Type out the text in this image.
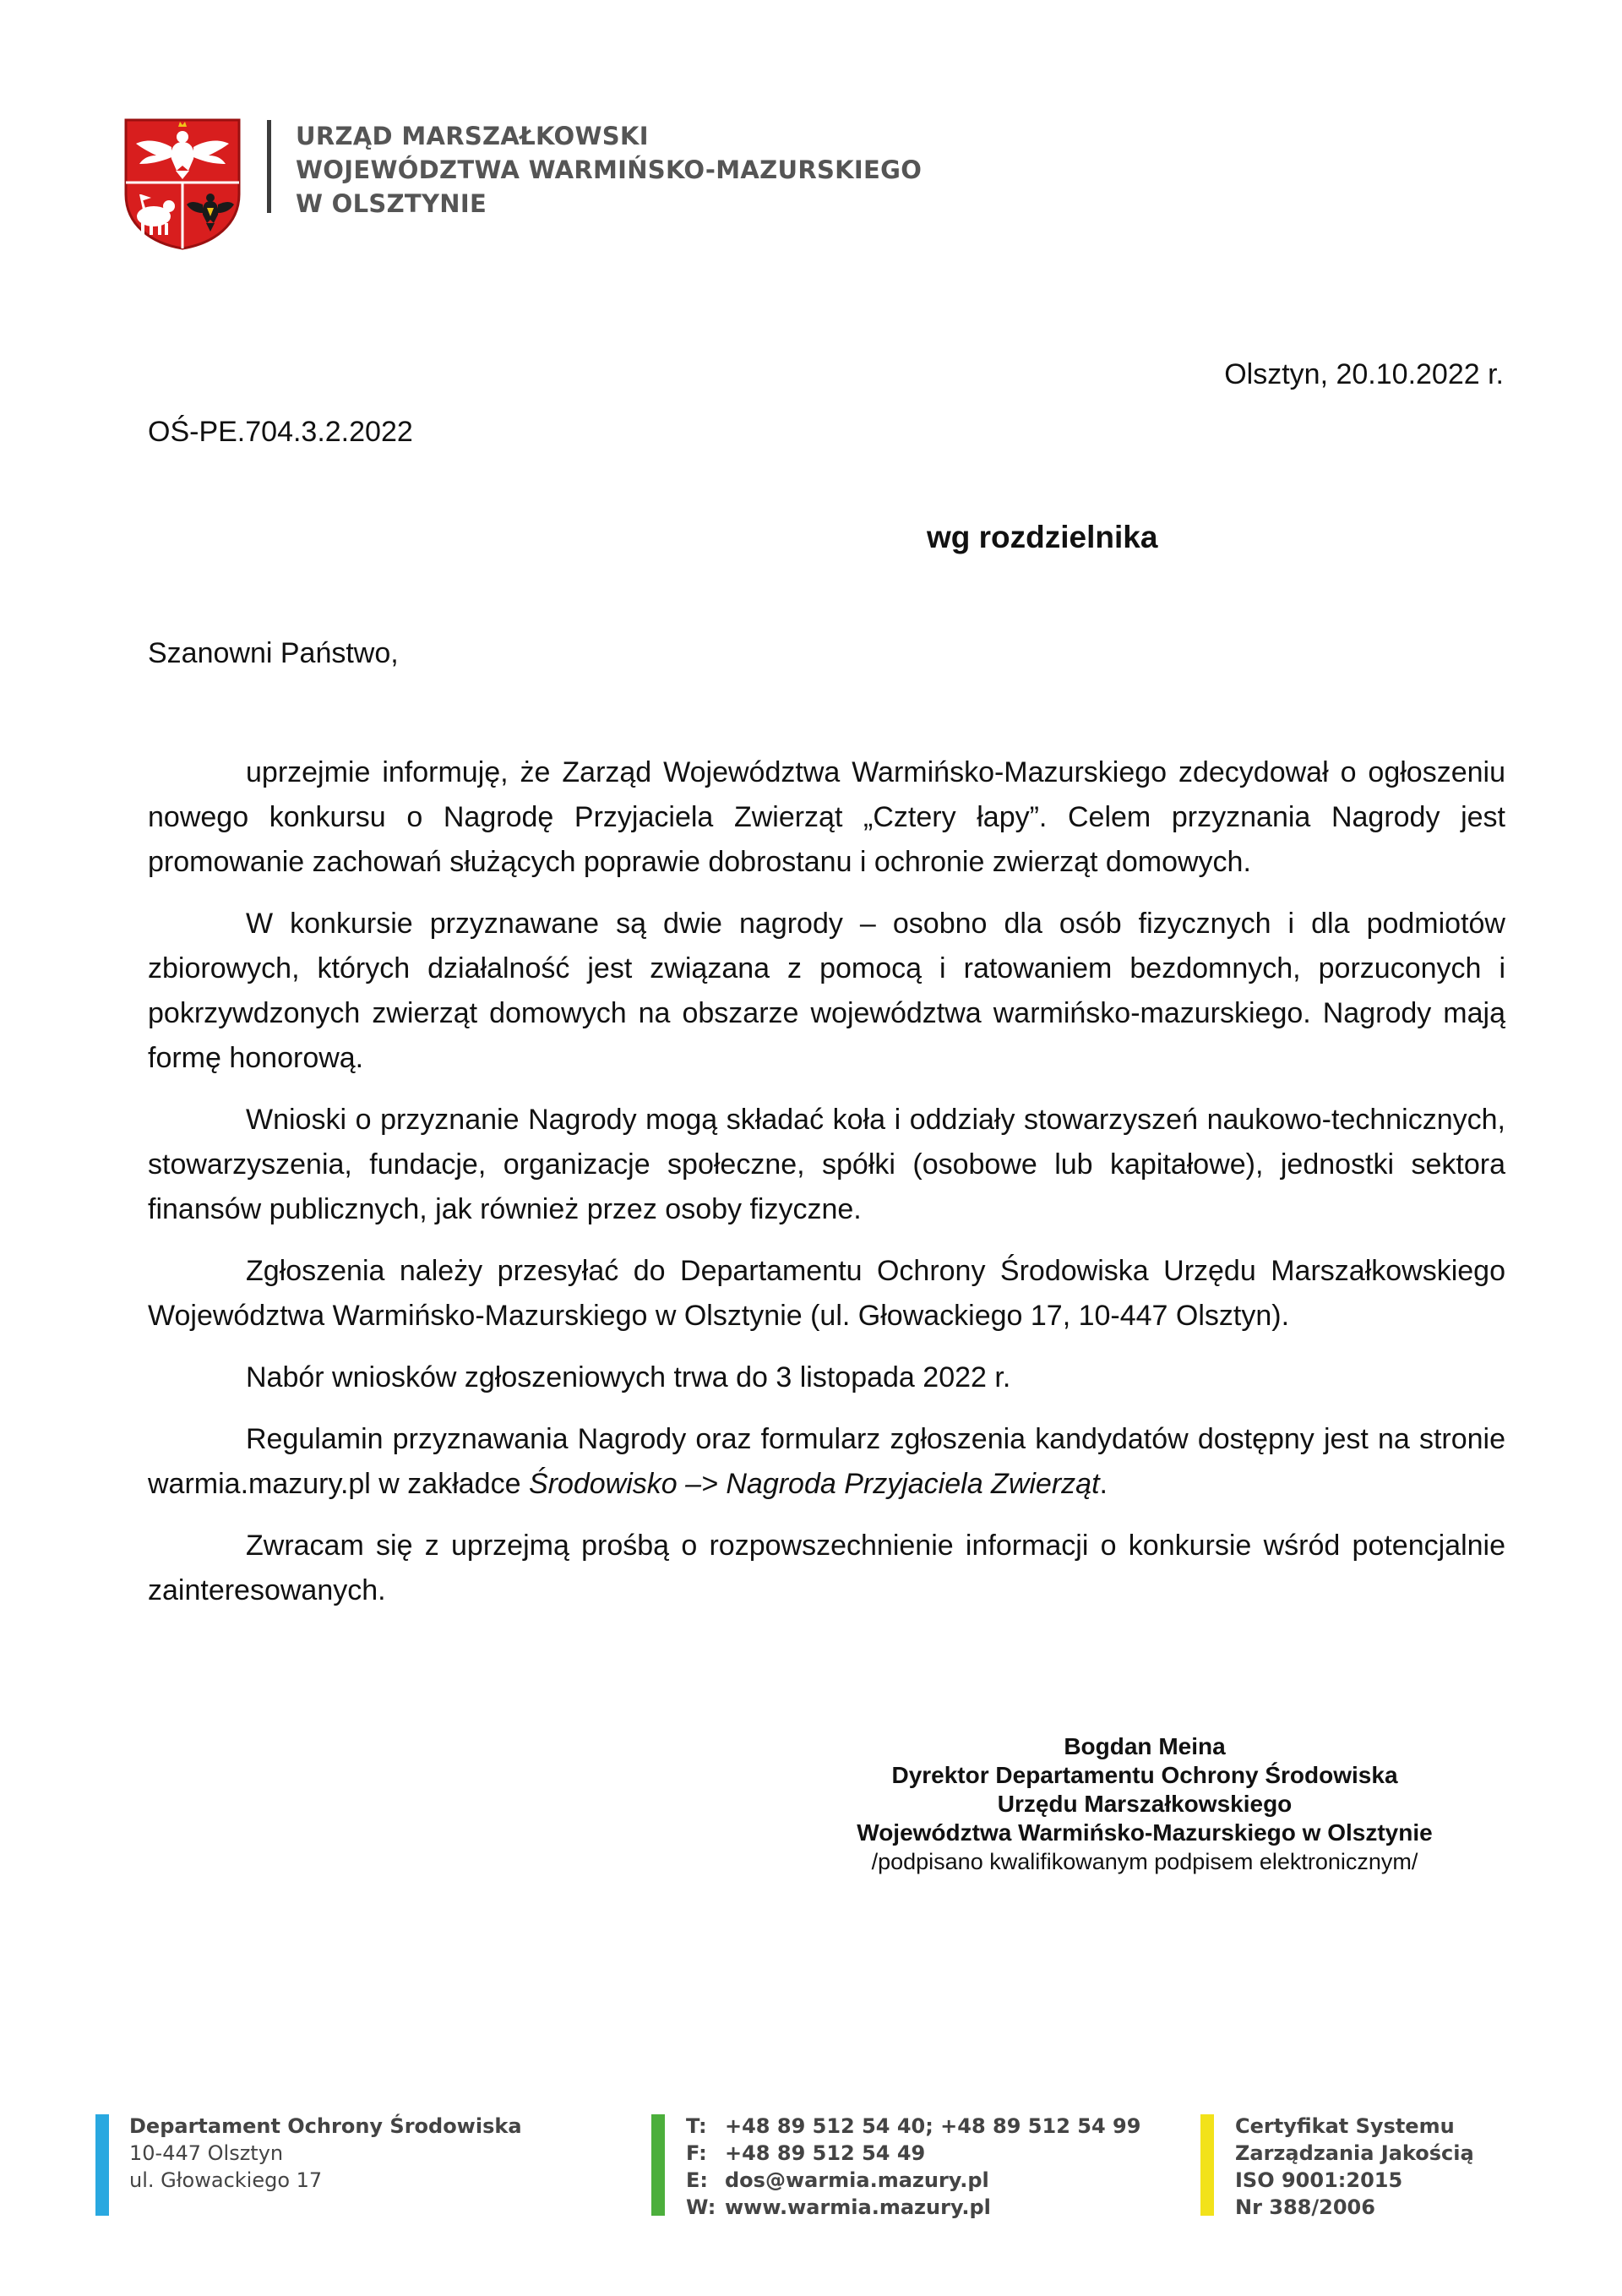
URZĄD MARSZAŁKOWSKI
WOJEWÓDZTWA WARMIŃSKO-MAZURSKIEGO
W OLSZTYNIE
Olsztyn, 20.10.2022 r.
OŚ-PE.704.3.2.2022
wg rozdzielnika
Szanowni Państwo,

uprzejmie informuję, że Zarząd Województwa Warmińsko-Mazurskiego zdecydował o ogłoszeniu nowego konkursu o Nagrodę Przyjaciela Zwierząt „Cztery łapy”. Celem przyznania Nagrody jest promowanie zachowań służących poprawie dobrostanu i ochronie zwierząt domowych.

W konkursie przyznawane są dwie nagrody – osobno dla osób fizycznych i dla podmiotów zbiorowych, których działalność jest związana z pomocą i ratowaniem bezdomnych, porzuconych i pokrzywdzonych zwierząt domowych na obszarze województwa warmińsko-mazurskiego. Nagrody mają formę honorową.

Wnioski o przyznanie Nagrody mogą składać koła i oddziały stowarzyszeń naukowo-technicznych, stowarzyszenia, fundacje, organizacje społeczne, spółki (osobowe lub kapitałowe), jednostki sektora finansów publicznych, jak również przez osoby fizyczne.

Zgłoszenia należy przesyłać do Departamentu Ochrony Środowiska Urzędu Marszałkowskiego Województwa Warmińsko-Mazurskiego w Olsztynie (ul. Głowackiego 17, 10-447 Olsztyn).

Nabór wniosków zgłoszeniowych trwa do 3 listopada 2022 r.

Regulamin przyznawania Nagrody oraz formularz zgłoszenia kandydatów dostępny jest na stronie warmia.mazury.pl w zakładce Środowisko –> Nagroda Przyjaciela Zwierząt.

Zwracam się z uprzejmą prośbą o rozpowszechnienie informacji o konkursie wśród potencjalnie zainteresowanych.

Bogdan Meina
Dyrektor Departamentu Ochrony Środowiska
Urzędu Marszałkowskiego
Województwa Warmińsko-Mazurskiego w Olsztynie
/podpisano kwalifikowanym podpisem elektronicznym/
Departament Ochrony Środowiska
10-447 Olsztyn
ul. Głowackiego 17
T: +48 89 512 54 40; +48 89 512 54 99
F: +48 89 512 54 49
E: dos@warmia.mazury.pl
W: www.warmia.mazury.pl
Certyfikat Systemu
Zarządzania Jakością
ISO 9001:2015
Nr 388/2006
